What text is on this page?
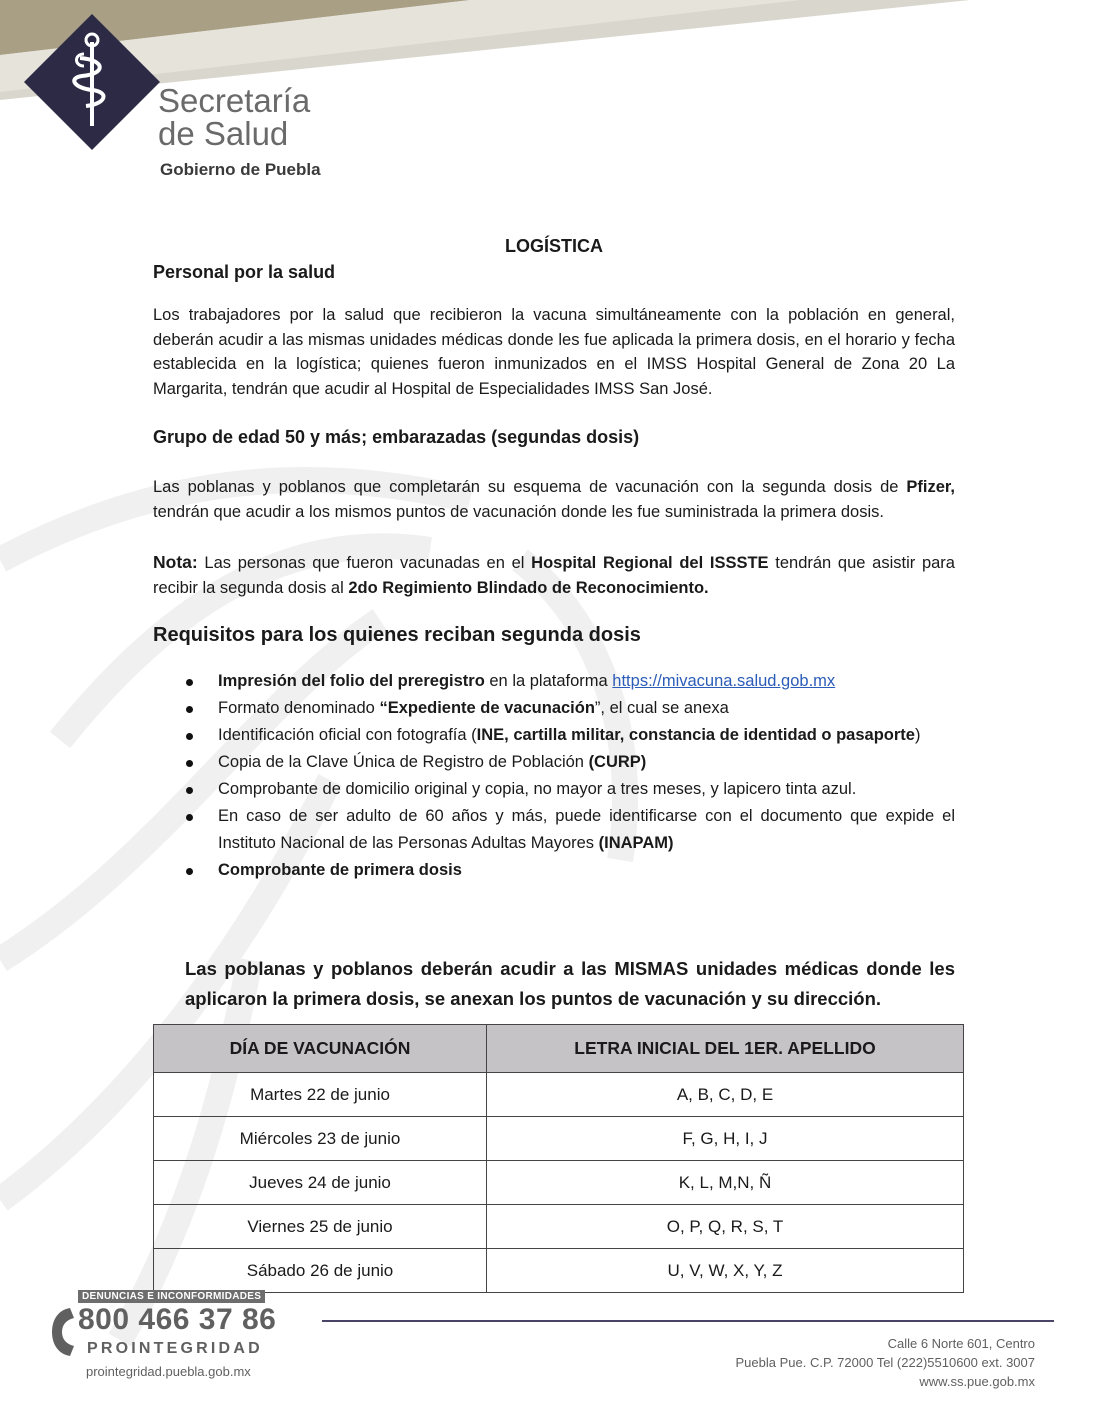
Secretaría
de Salud
Gobierno de Puebla
LOGÍSTICA
Personal por la salud
Los trabajadores por la salud que recibieron la vacuna simultáneamente con la población en general, deberán acudir a las mismas unidades médicas donde les fue aplicada la primera dosis, en el horario y fecha establecida en la logística; quienes fueron inmunizados en el IMSS Hospital General de Zona 20 La Margarita, tendrán que acudir al Hospital de Especialidades IMSS San José.
Grupo de edad 50 y más; embarazadas (segundas dosis)
Las poblanas y poblanos que completarán su esquema de vacunación con la segunda dosis de Pfizer, tendrán que acudir a los mismos puntos de vacunación donde les fue suministrada la primera dosis.
Nota: Las personas que fueron vacunadas en el Hospital Regional del ISSSTE tendrán que asistir para recibir la segunda dosis al 2do Regimiento Blindado de Reconocimiento.
Requisitos para los quienes reciban segunda dosis
Impresión del folio del preregistro en la plataforma https://mivacuna.salud.gob.mx
Formato denominado “Expediente de vacunación”, el cual se anexa
Identificación oficial con fotografía (INE, cartilla militar, constancia de identidad o pasaporte)
Copia de la Clave Única de Registro de Población (CURP)
Comprobante de domicilio original y copia, no mayor a tres meses, y lapicero tinta azul.
En caso de ser adulto de 60 años y más, puede identificarse con el documento que expide el Instituto Nacional de las Personas Adultas Mayores (INAPAM)
Comprobante de primera dosis
Las poblanas y poblanos deberán acudir a las MISMAS unidades médicas donde les aplicaron la primera dosis, se anexan los puntos de vacunación y su dirección.
DÍA DE VACUNACIÓN	LETRA INICIAL DEL 1ER. APELLIDO
Martes 22 de junio	A, B, C, D, E
Miércoles 23 de junio	F, G, H, I, J
Jueves 24 de junio	K, L, M,N, Ñ
Viernes 25 de junio	O, P, Q, R, S, T
Sábado 26 de junio	U, V, W, X, Y, Z
DENUNCIAS E INCONFORMIDADES
800 466 37 86
PROINTEGRIDAD
prointegridad.puebla.gob.mx
Calle 6 Norte 601, Centro
Puebla Pue. C.P. 72000 Tel (222)5510600 ext. 3007
www.ss.pue.gob.mx
